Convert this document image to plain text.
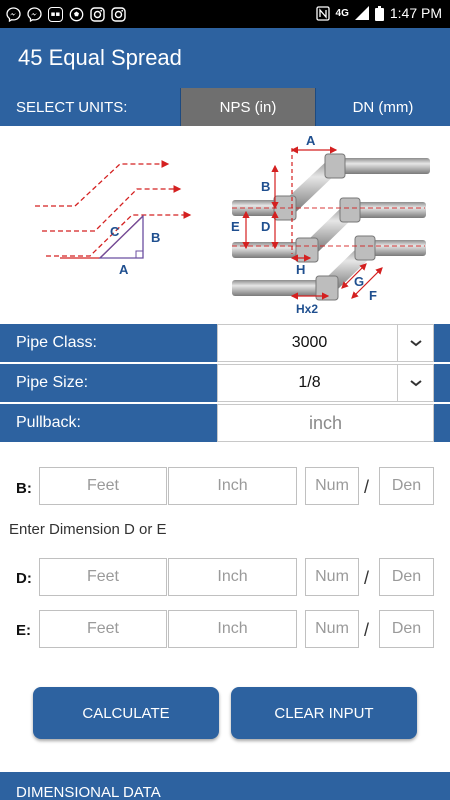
▪▪	4G	1:47 PM
45 Equal Spread
SELECT UNITS:	NPS (in)	DN (mm)
C B
A
A
B
D
E
H
G
F
Hx2
Pipe Class:	3000
Pipe Size:	1/8
Pullback:
inch
B:
Feet
Inch
Num	/
Den
Enter Dimension D or E
D:
Feet
Inch
Num	/
Den
E:
Feet
Inch
Num	/
Den
CALCULATE	CLEAR INPUT
DIMENSIONAL DATA
